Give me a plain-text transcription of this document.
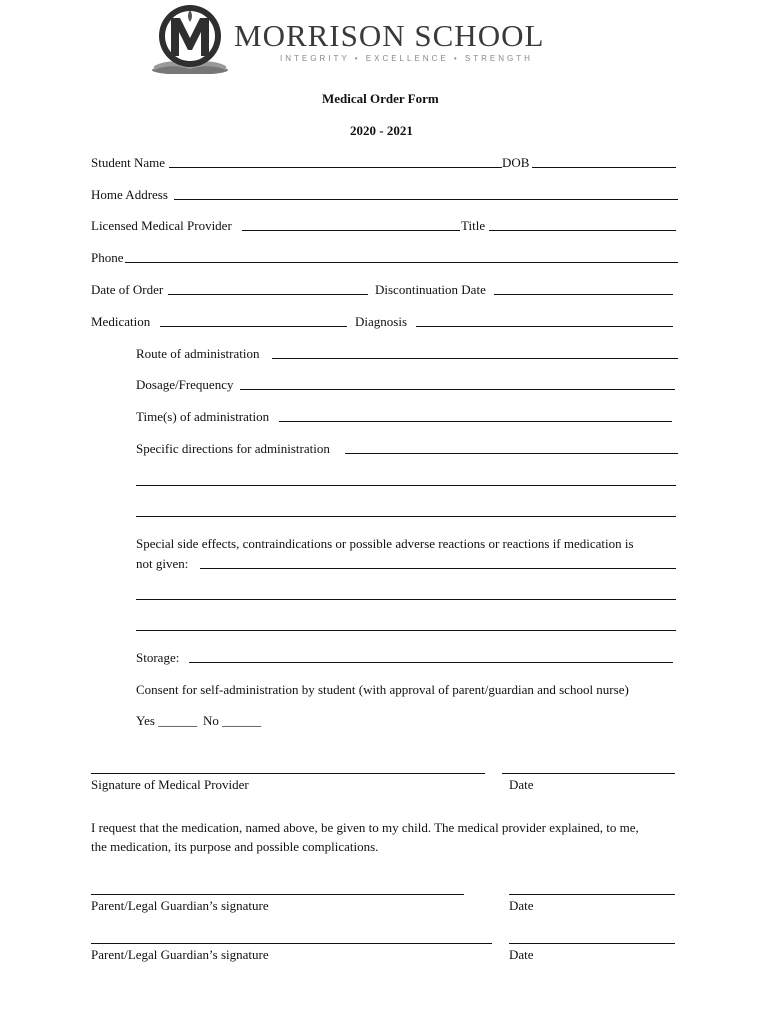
MORRISON SCHOOL
INTEGRITY • EXCELLENCE • STRENGTH
Medical Order Form
2020 - 2021
Student Name	DOB
Home Address
Licensed Medical Provider	Title
Phone
Date of Order	Discontinuation Date
Medication	Diagnosis
Route of administration
Dosage/Frequency
Time(s) of administration
Specific directions for administration
Special side effects, contraindications or possible adverse reactions or reactions if medication is
not given:
Storage:
Consent for self-administration by student (with approval of parent/guardian and school nurse)
Yes ______ No ______
Signature of Medical Provider	Date
I request that the medication, named above, be given to my child. The medical provider explained, to me,
the medication, its purpose and possible complications.
Parent/Legal Guardian’s signature	Date
Parent/Legal Guardian’s signature	Date
